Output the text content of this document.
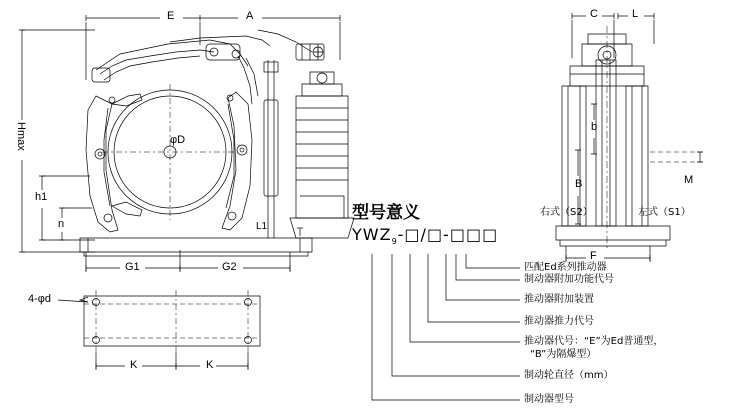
E	A
Hmax
h1
n
φD
G1	G2
L1
4-φd
K	K
C	L
b
B	M
F
右式（S2）	左式（S1）
型号意义
$YWZ_9-□/□-□□□$
匹配Ed系列推动器
制动器附加功能代号
推动器附加装置
推动器推力代号
推动器代号：“E”为Ed普通型，
“B”为隔爆型）
制动轮直径（mm）
制动器型号
